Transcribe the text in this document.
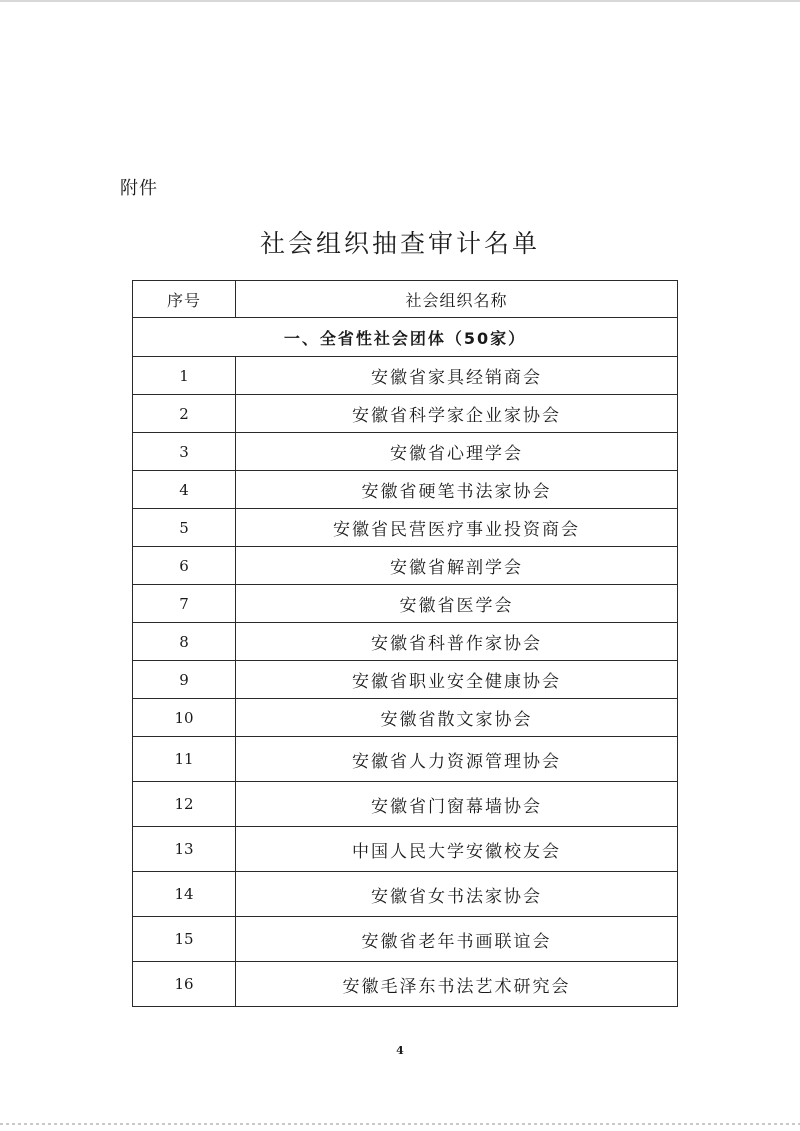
附件
社会组织抽查审计名单
序号	社会组织名称
一、全省性社会团体（50家）	
1	安徽省家具经销商会
2	安徽省科学家企业家协会
3	安徽省心理学会
4	安徽省硬笔书法家协会
5	安徽省民营医疗事业投资商会
6	安徽省解剖学会
7	安徽省医学会
8	安徽省科普作家协会
9	安徽省职业安全健康协会
10	安徽省散文家协会
11	安徽省人力资源管理协会
12	安徽省门窗幕墙协会
13	中国人民大学安徽校友会
14	安徽省女书法家协会
15	安徽省老年书画联谊会
16	安徽毛泽东书法艺术研究会
4
